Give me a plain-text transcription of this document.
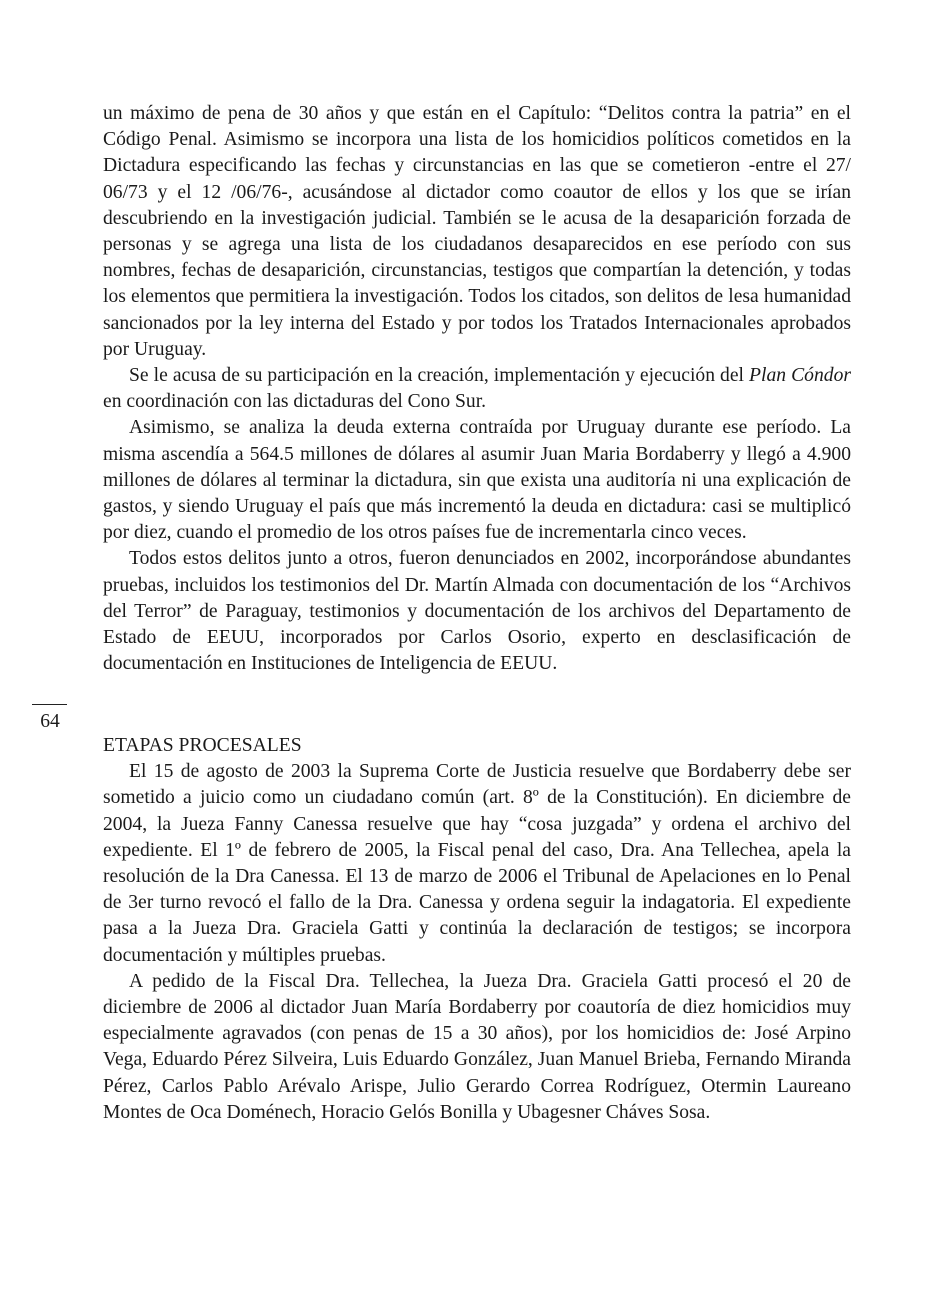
un máximo de pena de 30 años y que están en el Capítulo: “Delitos contra la patria” en el Código Penal. Asimismo se incorpora una lista de los homicidios políticos cometidos en la Dictadura especificando las fechas y circunstancias en las que se cometieron -entre el 27/ 06/73 y el 12 /06/76-, acusándose al dictador como coautor de ellos y los que se irían descubriendo en la investigación judicial. También se le acusa de la desaparición forzada de personas y se agrega una lista de los ciudadanos desaparecidos en ese período con sus nombres, fechas de desaparición, circunstancias, testigos que compartían la detención, y todas los elementos que permitiera la investigación. Todos los citados, son delitos de lesa humanidad sancionados por la ley interna del Estado y por todos los Tratados Internacionales aprobados por Uruguay.

Se le acusa de su participación en la creación, implementación y ejecución del Plan Cóndor en coordinación con las dictaduras del Cono Sur.

Asimismo, se analiza la deuda externa contraída por Uruguay durante ese período. La misma ascendía a 564.5 millones de dólares al asumir Juan Maria Bordaberry y llegó a 4.900 millones de dólares al terminar la dictadura, sin que exista una auditoría ni una explicación de gastos, y siendo Uruguay el país que más incrementó la deuda en dictadura: casi se multiplicó por diez, cuando el promedio de los otros países fue de incrementarla cinco veces.

Todos estos delitos junto a otros, fueron denunciados en 2002, incorporándose abundantes pruebas, incluidos los testimonios del Dr. Martín Almada con documentación de los “Archivos del Terror” de Paraguay, testimonios y documentación de los archivos del Departamento de Estado de EEUU, incorporados por Carlos Osorio, experto en desclasificación de documentación en Instituciones de Inteligencia de EEUU.

64

ETAPAS PROCESALES

El 15 de agosto de 2003 la Suprema Corte de Justicia resuelve que Bordaberry debe ser sometido a juicio como un ciudadano común (art. 8º de la Constitución). En diciembre de 2004, la Jueza Fanny Canessa resuelve que hay “cosa juzgada” y ordena el archivo del expediente. El 1º de febrero de 2005, la Fiscal penal del caso, Dra. Ana Tellechea, apela la resolución de la Dra Canessa. El 13 de marzo de 2006 el Tribunal de Apelaciones en lo Penal de 3er turno revocó el fallo de la Dra. Canessa y ordena seguir la indagatoria. El expediente pasa a la Jueza Dra. Graciela Gatti y continúa la declaración de testigos; se incorpora documentación y múltiples pruebas.

A pedido de la Fiscal Dra. Tellechea, la Jueza Dra. Graciela Gatti procesó el 20 de diciembre de 2006 al dictador Juan María Bordaberry por coautoría de diez homicidios muy especialmente agravados (con penas de 15 a 30 años), por los homicidios de: José Arpino Vega, Eduardo Pérez Silveira, Luis Eduardo González, Juan Manuel Brieba, Fernando Miranda Pérez, Carlos Pablo Arévalo Arispe, Julio Gerardo Correa Rodríguez, Otermin Laureano Montes de Oca Doménech, Horacio Gelós Bonilla y Ubagesner Cháves Sosa.
